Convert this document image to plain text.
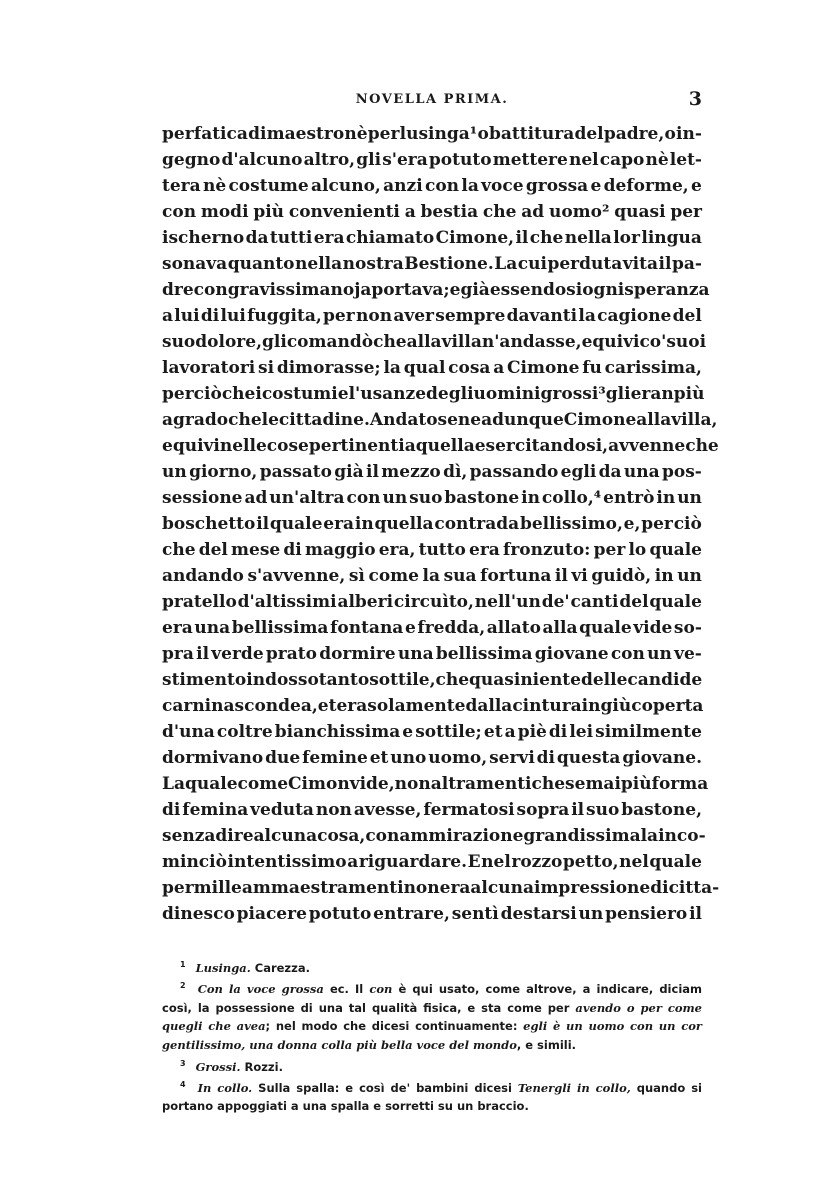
NOVELLA PRIMA.	3
per fatica di maestro nè per lusinga¹ o battitura del padre, o in-
gegno d'alcuno altro, gli s'era potuto mettere nel capo nè let-
tera nè costume alcuno, anzi con la voce grossa e deforme, e
con modi più convenienti a bestia che ad uomo² quasi per
ischerno da tutti era chiamato Cimone, il che nella lor lingua
sonava quanto nella nostra Bestione. La cui perduta vita il pa-
dre con gravissima noja portava; e già essendosi ogni speranza
a lui di lui fuggita, per non aver sempre davanti la cagione del
suo dolore, gli comandò che alla villa n'andasse, e quivi co'suoi
lavoratori si dimorasse; la qual cosa a Cimone fu carissima,
per ciò che i costumi e l'usanze degli uomini grossi³ gli eran più
a grado che le cittadine. Andatosene adunque Cimone alla villa,
e quivi nelle cose pertinenti a quella esercitandosi, avvenne che
un giorno, passato già il mezzo dì, passando egli da una pos-
sessione ad un'altra con un suo bastone in collo,⁴ entrò in un
boschetto il quale era in quella contrada bellissimo, e, per ciò
che del mese di maggio era, tutto era fronzuto: per lo quale
andando s'avvenne, sì come la sua fortuna il vi guidò, in un
pratello d'altissimi alberi circuìto, nell'un de' canti del quale
era una bellissima fontana e fredda, allato alla quale vide so-
pra il verde prato dormire una bellissima giovane con un ve-
stimento in dosso tanto sottile, che quasi niente delle candide
carni nascondea, et era solamente dalla cintura in giù coperta
d'una coltre bianchissima e sottile; et a piè di lei similmente
dormivano due femine et uno uomo, servi di questa giovane.
La quale come Cimon vide, non altramenti che se mai più forma
di femina veduta non avesse, fermatosi sopra il suo bastone,
senza dire alcuna cosa, con ammirazione grandissima la inco-
minciò intentissimo a riguardare. E nel rozzo petto, nel quale
per mille ammaestramenti non era alcuna impressione di citta-
dinesco piacere potuto entrare, sentì destarsi un pensiero il

$^1$ Lusinga. Carezza.

$^2$ Con la voce grossa ec. Il con è qui usato, come altrove, a indicare, diciam così, la possessione di una tal qualità fisica, e sta come per avendo o per come quegli che avea; nel modo che dicesi continuamente: egli è un uomo con un cor gentilissimo, una donna colla più bella voce del mondo, e simili.

$^3$ Grossi. Rozzi.

$^4$ In collo. Sulla spalla: e così de' bambini dicesi Tenergli in collo, quando si portano appoggiati a una spalla e sorretti su un braccio.
